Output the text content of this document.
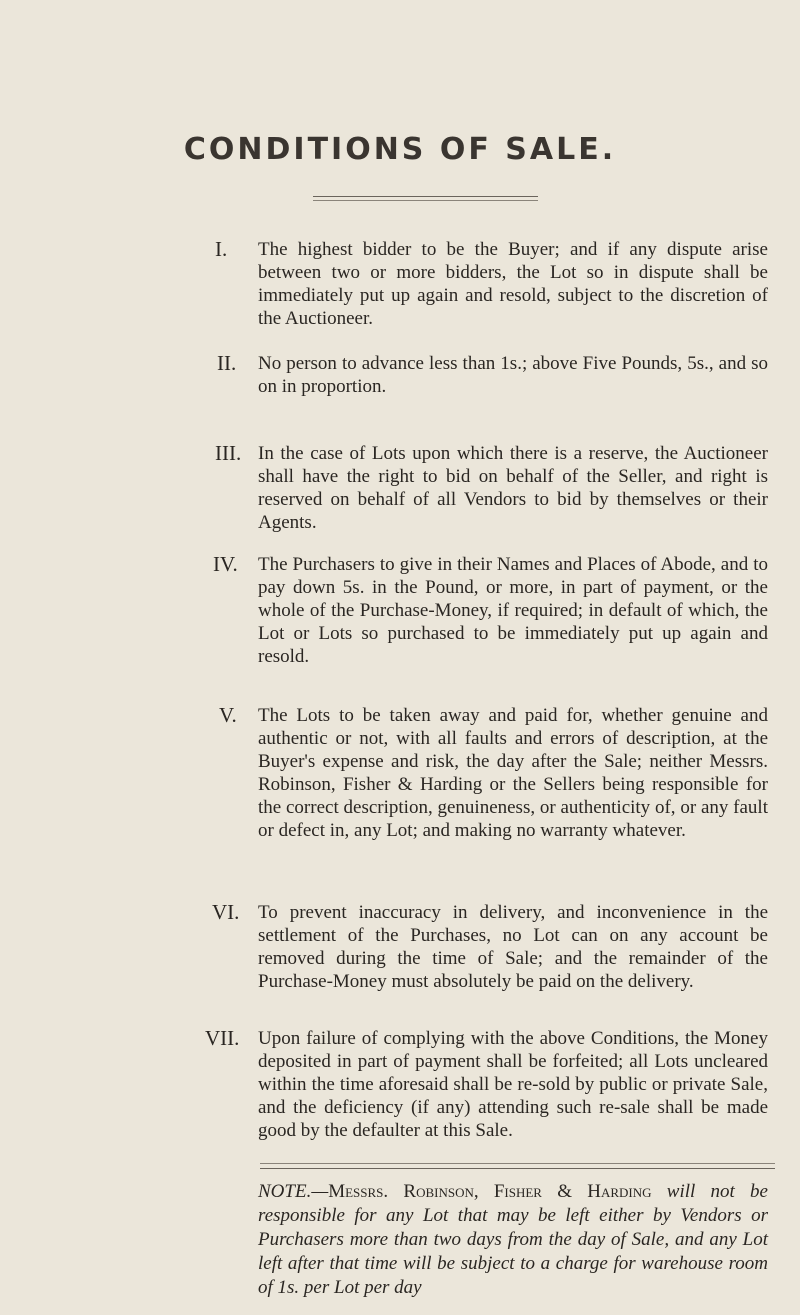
CONDITIONS OF SALE.
I.	The highest bidder to be the Buyer; and if any dispute arise between two or more bidders, the Lot so in dispute shall be immediately put up again and resold, subject to the discretion of the Auctioneer.
II.	No person to advance less than 1s.; above Five Pounds, 5s., and so on in proportion.
III. In the case of Lots upon which there is a reserve, the Auctioneer shall have the right to bid on behalf of the Seller, and right is reserved on behalf of all Vendors to bid by themselves or their Agents.
IV.	The Purchasers to give in their Names and Places of Abode, and to pay down 5s. in the Pound, or more, in part of payment, or the whole of the Purchase-Money, if required; in default of which, the Lot or Lots so purchased to be immediately put up again and resold.
V.	The Lots to be taken away and paid for, whether genuine and authentic or not, with all faults and errors of description, at the Buyer's expense and risk, the day after the Sale; neither Messrs. Robinson, Fisher & Harding or the Sellers being responsible for the correct description, genuineness, or authenticity of, or any fault or defect in, any Lot; and making no warranty whatever.
VI. To prevent inaccuracy in delivery, and inconvenience in the settlement of the Purchases, no Lot can on any account be removed during the time of Sale; and the remainder of the Purchase-Money must absolutely be paid on the delivery.
VII. Upon failure of complying with the above Conditions, the Money deposited in part of payment shall be forfeited; all Lots uncleared within the time aforesaid shall be re-sold by public or private Sale, and the deficiency (if any) attending such re-sale shall be made good by the defaulter at this Sale.
NOTE.—Messrs. Robinson, Fisher & Harding will not be responsible for any Lot that may be left either by Vendors or Purchasers more than two days from the day of Sale, and any Lot left after that time will be subject to a charge for warehouse room of 1s. per Lot per day
